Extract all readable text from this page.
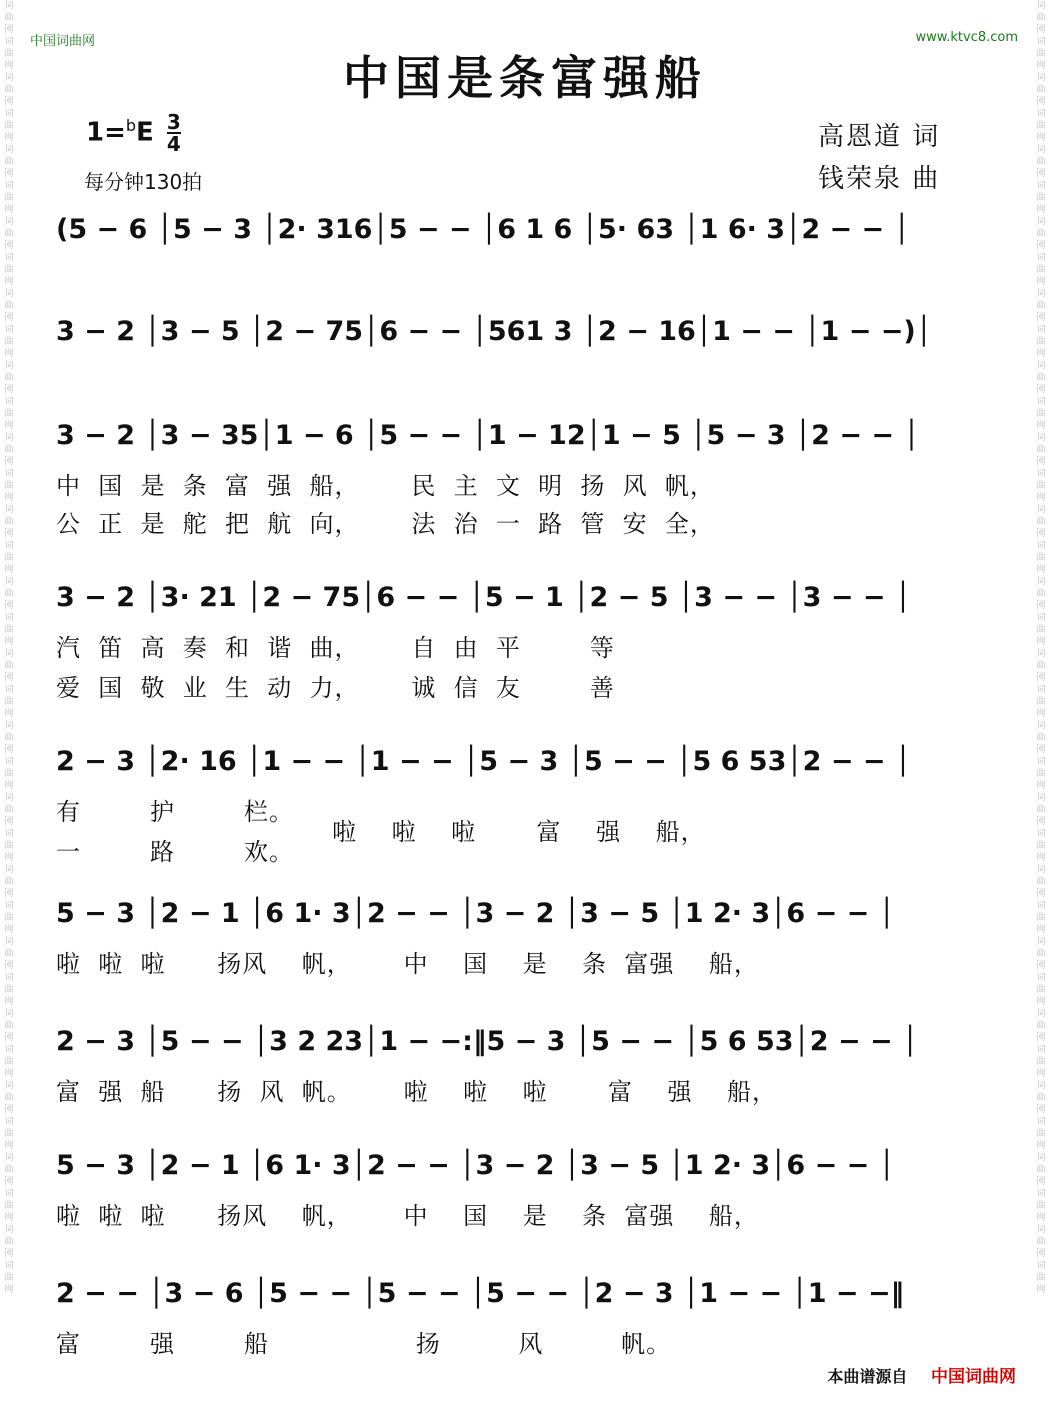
词曲网词曲网词曲网词曲网词曲网词曲网词曲网词曲网词曲网词曲网词曲网词曲网词曲网词曲网词曲网词曲网词曲网词曲网词曲网词曲网词曲网词曲网词曲网词曲网词曲网词曲网词曲网词曲网词曲网词曲网词曲网词曲网词曲网词曲网词曲网词曲网
词曲网词曲网词曲网词曲网词曲网词曲网词曲网词曲网词曲网词曲网词曲网词曲网词曲网词曲网词曲网词曲网词曲网词曲网词曲网词曲网词曲网词曲网词曲网词曲网词曲网词曲网词曲网词曲网词曲网词曲网词曲网词曲网词曲网词曲网词曲网词曲网
中国词曲网	www.ktvc8.com
中国是条富强船
$1=^bE \frac{3}{4}$
每分钟130拍
高恩道 词
钱荣泉 曲
(5 − 6 │5 − 3 │2· 316│5 − − │6 1 6 │5· 63 │1 6· 3│2 − − │
3 − 2 │3 − 5 │2 − 75│6 − − │561 3 │2 − 16│1 − − │1 − −)│
3 − 2 │3 − 35│1 − 6 │5 − − │1 − 12│1 − 5 │5 − 3 │2 − − │
中  国  是  条  富  强  船，      民  主  文  明  扬  风  帆，
公  正  是  舵  把  航  向，      法  治  一  路  管  安  全，
3 − 2 │3· 21 │2 − 75│6 − − │5 − 1 │2 − 5 │3 − − │3 − − │
汽  笛  高  奏  和  谐  曲，      自  由  平        等
爱  国  敬  业  生  动  力，      诚  信  友        善
2 − 3 │2· 16 │1 − − │1 − − │5 − 3 │5 − − │5 6 53│2 − − │
有        护        栏。
啦    啦    啦       富    强    船，
一        路        欢。
5 − 3 │2 − 1 │6 1· 3│2 − − │3 − 2 │3 − 5 │1 2· 3│6 − − │
啦  啦  啦      扬风    帆，      中    国    是    条  富强    船，
2 − 3 │5 − − │3 2 23│1 − −:‖5 − 3 │5 − − │5 6 53│2 − − │
富  强  船      扬  风  帆。      啦    啦    啦       富    强    船，
5 − 3 │2 − 1 │6 1· 3│2 − − │3 − 2 │3 − 5 │1 2· 3│6 − − │
啦  啦  啦      扬风    帆，      中    国    是    条  富强    船，
2 − − │3 − 6 │5 − − │5 − − │5 − − │2 − 3 │1 − − │1 − −‖
富        强        船                 扬         风         帆。
本曲谱源自 中国词曲网
